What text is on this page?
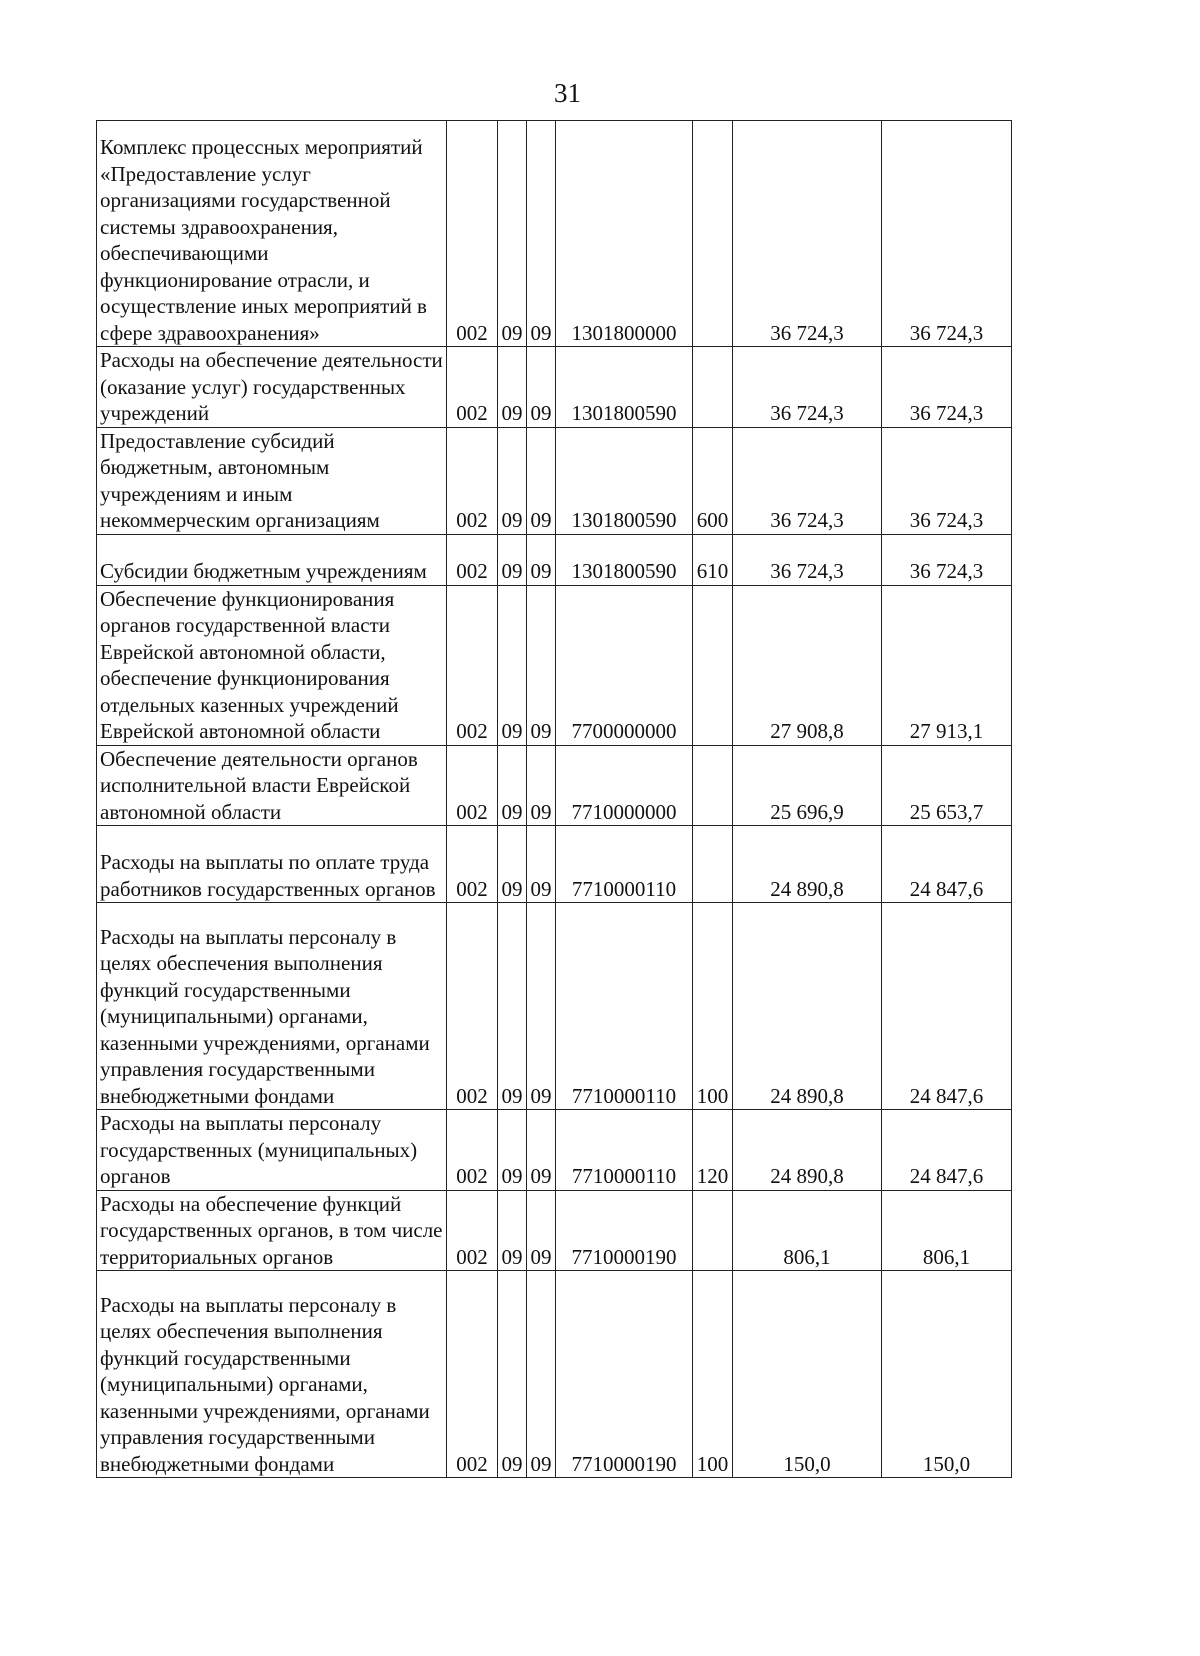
31
Комплекс процессных мероприятий «Предоставление услуг организациями государственной системы здравоохранения, обеспечивающими функционирование отрасли, и осуществление иных мероприятий в сфере здравоохранения»	002	09	09	1301800000		36 724,3	36 724,3
Расходы на обеспечение деятельности (оказание услуг) государственных учреждений	002	09	09	1301800590		36 724,3	36 724,3
Предоставление субсидий бюджетным, автономным учреждениям и иным некоммерческим организациям	002	09	09	1301800590	600	36 724,3	36 724,3
Субсидии бюджетным учреждениям	002	09	09	1301800590	610	36 724,3	36 724,3
Обеспечение функционирования органов государственной власти Еврейской автономной области, обеспечение функционирования отдельных казенных учреждений Еврейской автономной области	002	09	09	7700000000		27 908,8	27 913,1
Обеспечение деятельности органов исполнительной власти Еврейской автономной области	002	09	09	7710000000		25 696,9	25 653,7
Расходы на выплаты по оплате труда работников государственных органов	002	09	09	7710000110		24 890,8	24 847,6
Расходы на выплаты персоналу в целях обеспечения выполнения функций государственными (муниципальными) органами, казенными учреждениями, органами управления государственными внебюджетными фондами	002	09	09	7710000110	100	24 890,8	24 847,6
Расходы на выплаты персоналу государственных (муниципальных) органов	002	09	09	7710000110	120	24 890,8	24 847,6
Расходы на обеспечение функций государственных органов, в том числе территориальных органов	002	09	09	7710000190		806,1	806,1
Расходы на выплаты персоналу в целях обеспечения выполнения функций государственными (муниципальными) органами, казенными учреждениями, органами управления государственными внебюджетными фондами	002	09	09	7710000190	100	150,0	150,0
